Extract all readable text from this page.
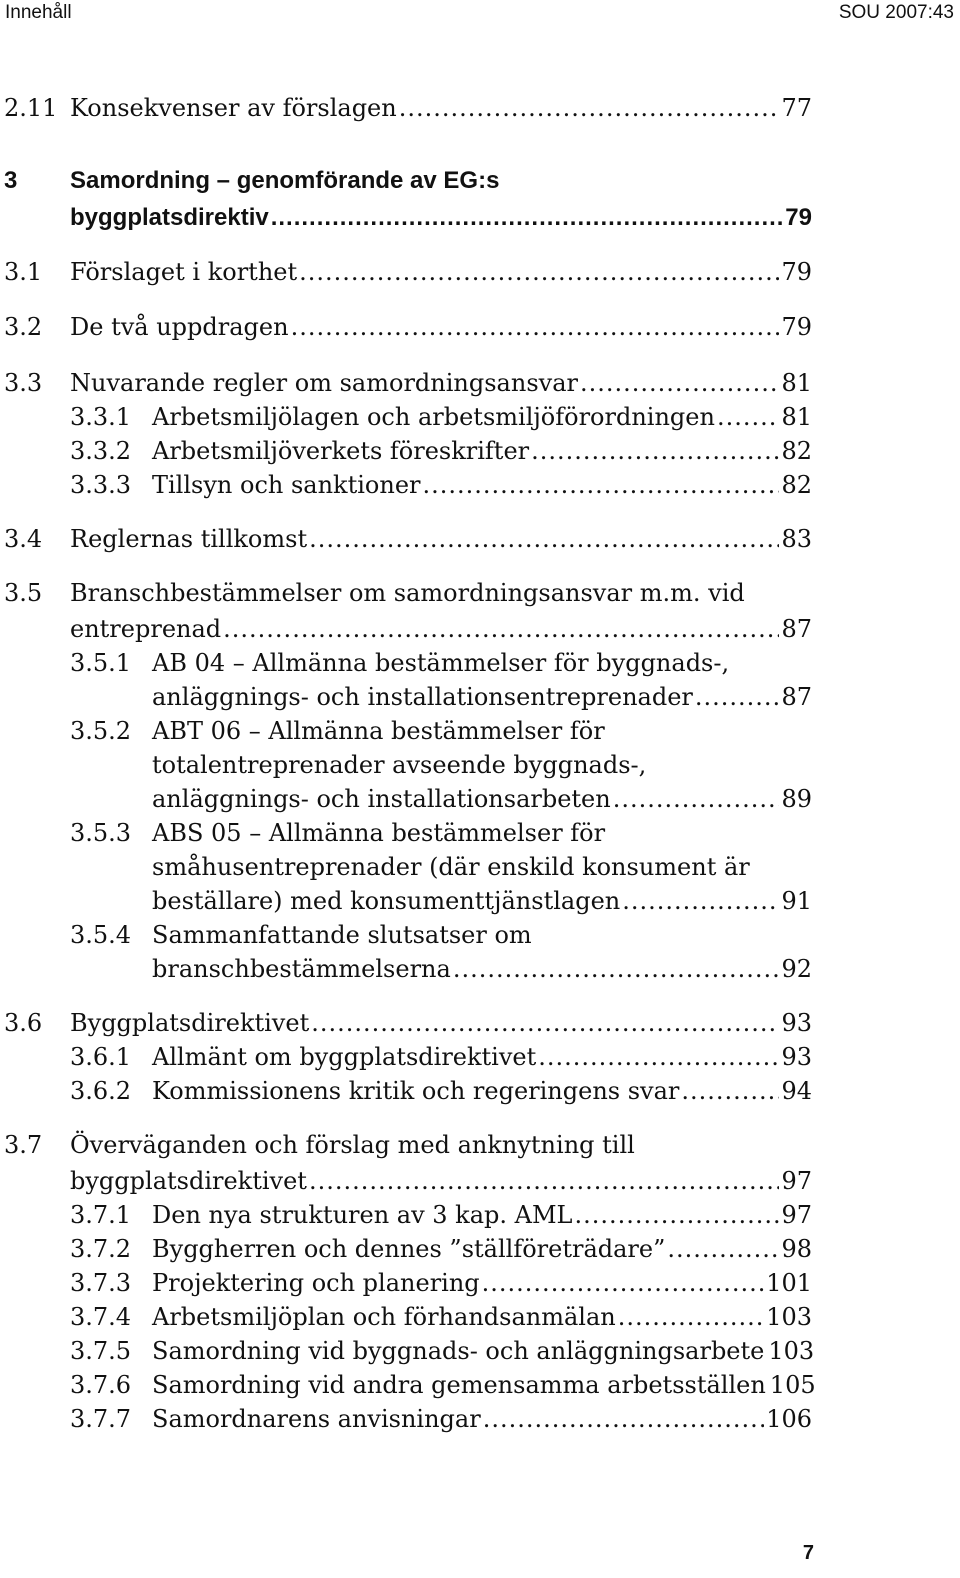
Innehåll	SOU 2007:43
2.11 Konsekvenser av förslagen .....	77
3 Samordning – genomförande av EG:s
byggplatsdirektiv .....	79
3.1 Förslaget i korthet .....	79
3.2 De två uppdragen .....	79
3.3 Nuvarande regler om samordningsansvar .....	81
3.3.1 Arbetsmiljölagen och arbetsmiljöförordningen .....	81
3.3.2 Arbetsmiljöverkets föreskrifter .....	82
3.3.3 Tillsyn och sanktioner .....	82
3.4 Reglernas tillkomst .....	83
3.5 Branschbestämmelser om samordningsansvar m.m. vid
entreprenad .....	87
3.5.1 AB 04 – Allmänna bestämmelser för byggnads-,
anläggnings- och installationsentreprenader .....	87
3.5.2 ABT 06 – Allmänna bestämmelser för
totalentreprenader avseende byggnads-,
anläggnings- och installationsarbeten .....	89
3.5.3 ABS 05 – Allmänna bestämmelser för
småhusentreprenader (där enskild konsument är
beställare) med konsumenttjänstlagen .....	91
3.5.4 Sammanfattande slutsatser om
branschbestämmelserna .....	92
3.6 Byggplatsdirektivet .....	93
3.6.1 Allmänt om byggplatsdirektivet .....	93
3.6.2 Kommissionens kritik och regeringens svar .....	94
3.7 Överväganden och förslag med anknytning till
byggplatsdirektivet .....	97
3.7.1 Den nya strukturen av 3 kap. AML .....	97
3.7.2 Byggherren och dennes ”ställföreträdare” .....	98
3.7.3 Projektering och planering .....	101
3.7.4 Arbetsmiljöplan och förhandsanmälan .....	103
3.7.5 Samordning vid byggnads- och anläggningsarbete 103
3.7.6 Samordning vid andra gemensamma arbetsställen 105
3.7.7 Samordnarens anvisningar .....	106
7
